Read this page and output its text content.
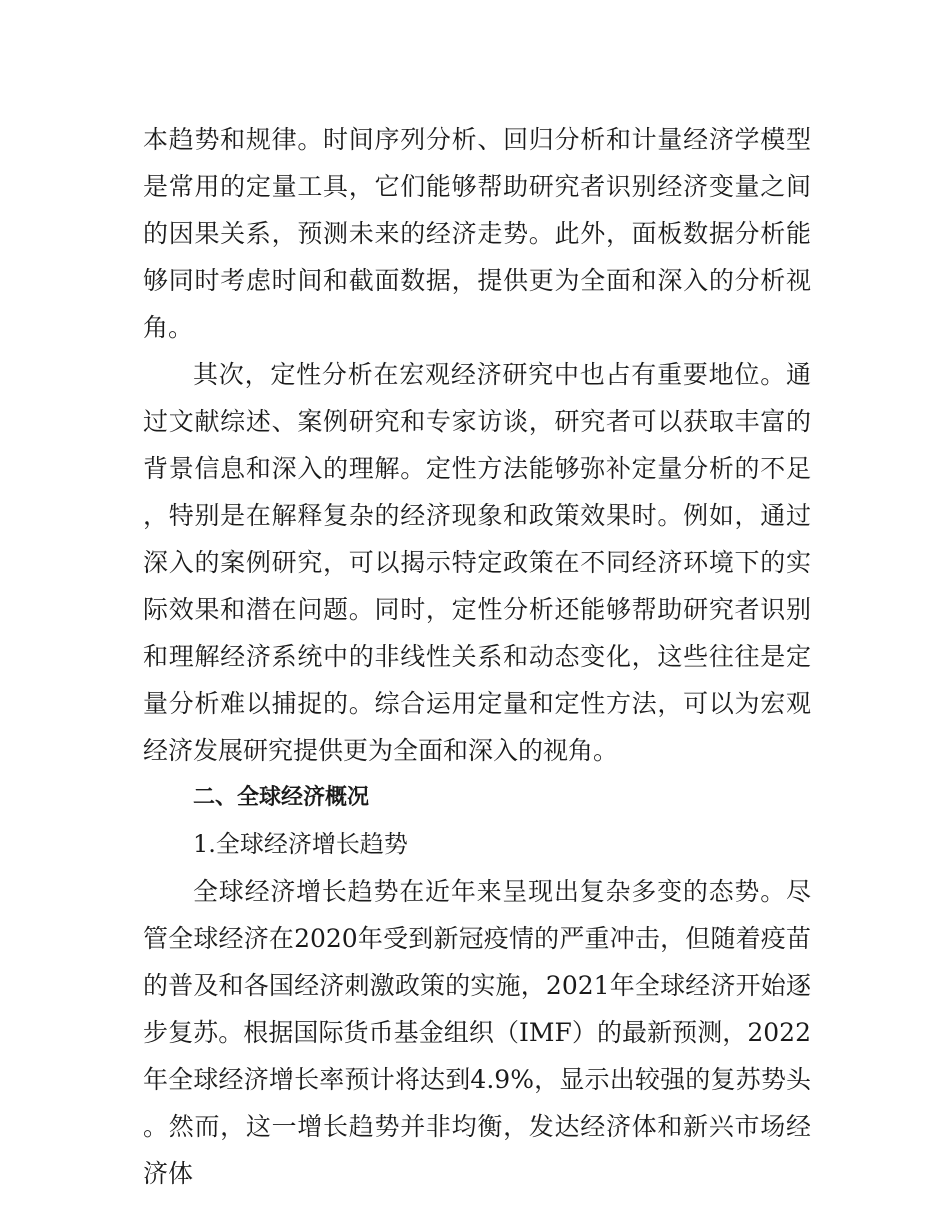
本趋势和规律。时间序列分析、回归分析和计量经济学模型是常用的定量工具，它们能够帮助研究者识别经济变量之间的因果关系，预测未来的经济走势。此外，面板数据分析能够同时考虑时间和截面数据，提供更为全面和深入的分析视角。

其次，定性分析在宏观经济研究中也占有重要地位。通过文献综述、案例研究和专家访谈，研究者可以获取丰富的背景信息和深入的理解。定性方法能够弥补定量分析的不足，特别是在解释复杂的经济现象和政策效果时。例如，通过深入的案例研究，可以揭示特定政策在不同经济环境下的实际效果和潜在问题。同时，定性分析还能够帮助研究者识别和理解经济系统中的非线性关系和动态变化，这些往往是定量分析难以捕捉的。综合运用定量和定性方法，可以为宏观经济发展研究提供更为全面和深入的视角。

二、全球经济概况

1.全球经济增长趋势

全球经济增长趋势在近年来呈现出复杂多变的态势。尽管全球经济在2020年受到新冠疫情的严重冲击，但随着疫苗的普及和各国经济刺激政策的实施，2021年全球经济开始逐步复苏。根据国际货币基金组织（IMF）的最新预测，2022年全球经济增长率预计将达到4.9%，显示出较强的复苏势头。然而，这一增长趋势并非均衡，发达经济体和新兴市场经济体
